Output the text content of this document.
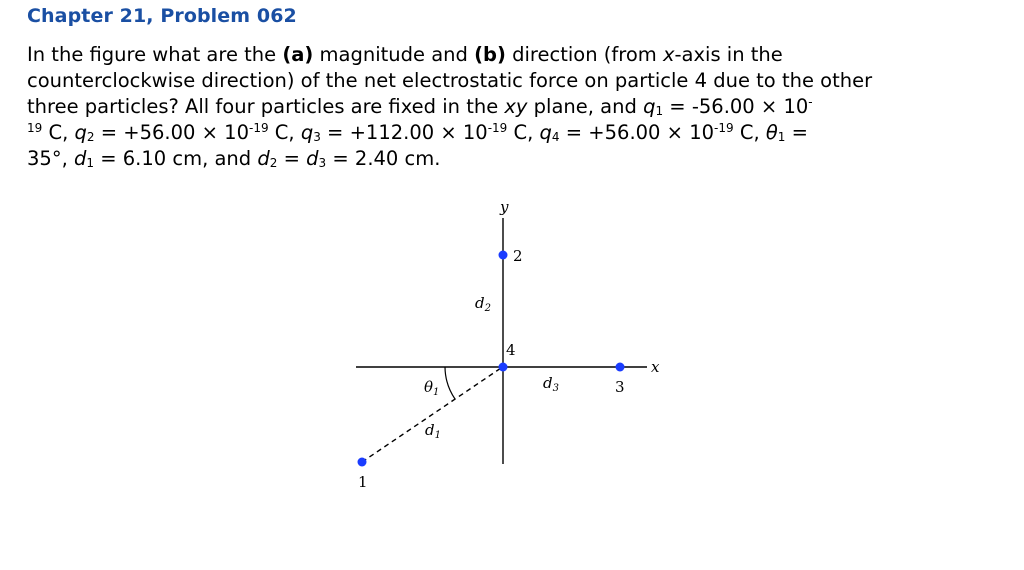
Chapter 21, Problem 062
In the figure what are the (a) magnitude and (b) direction (from x-axis in the
counterclockwise direction) of the net electrostatic force on particle 4 due to the other
three particles? All four particles are fixed in the xy plane, and $q_1 = -56.00 \times 10^-$
$^{19}$ C, $q_2 = +56.00 \times 10^{-19}$ C, $q_3 = +112.00 \times 10^{-19}$ C, $q_4 = +56.00 \times 10^{-19}$ C, $\theta_1$ =
35°, $d_1 = 6.10$ cm, and $d_2 = d_3 = 2.40$ cm.
y
x
2
4
3
1
$d_2$
$d_3$
$d_1$
$\theta_1$
